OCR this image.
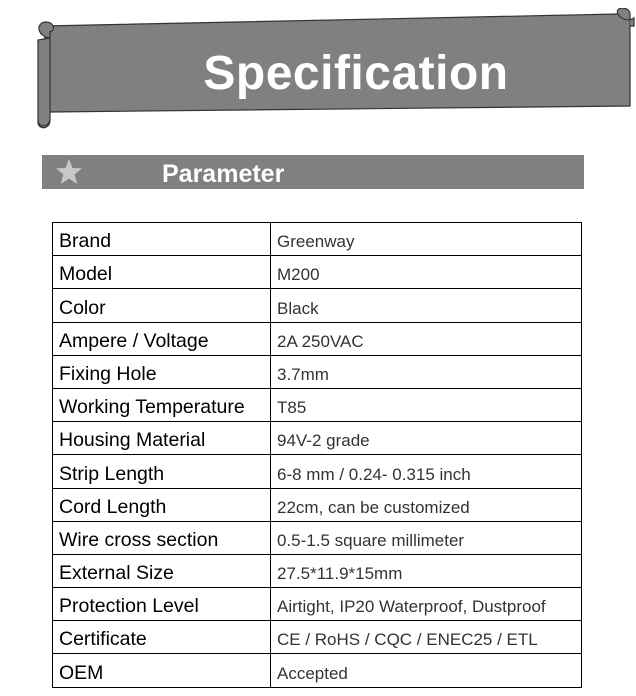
Specification
Parameter
Brand	Greenway
Model	M200
Color	Black
Ampere / Voltage	2A 250VAC
Fixing Hole	3.7mm
Working Temperature	T85
Housing Material	94V-2 grade
Strip Length	6-8 mm / 0.24- 0.315 inch
Cord Length	22cm, can be customized
Wire cross section	0.5-1.5 square millimeter
External Size	27.5*11.9*15mm
Protection Level	Airtight, IP20 Waterproof, Dustproof
Certificate	CE / RoHS / CQC / ENEC25 / ETL
OEM	Accepted
